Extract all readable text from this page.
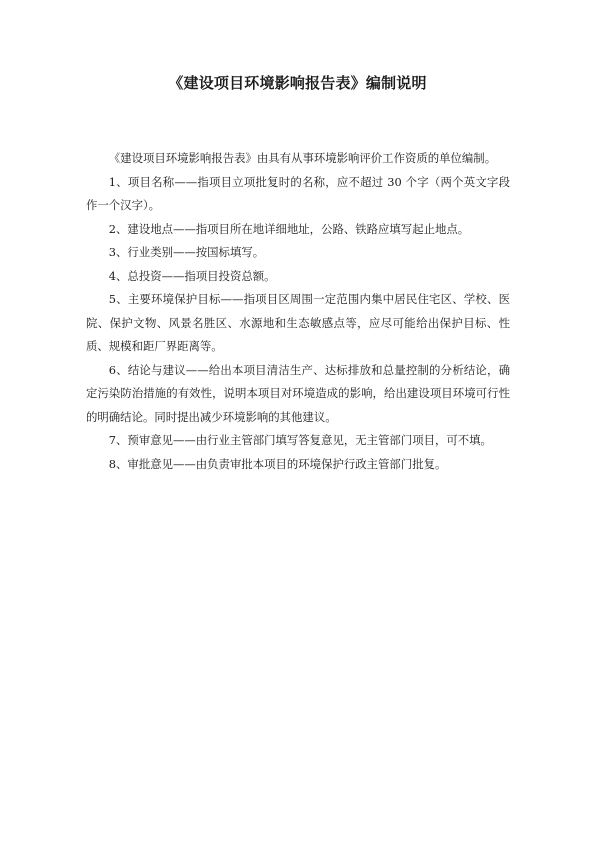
《建设项目环境影响报告表》编制说明

《建设项目环境影响报告表》由具有从事环境影响评价工作资质的单位编制。

1、项目名称——指项目立项批复时的名称，应不超过 30 个字（两个英文字段作一个汉字）。

2、建设地点——指项目所在地详细地址，公路、铁路应填写起止地点。

3、行业类别——按国标填写。

4、总投资——指项目投资总额。

5、主要环境保护目标——指项目区周围一定范围内集中居民住宅区、学校、医院、保护文物、风景名胜区、水源地和生态敏感点等，应尽可能给出保护目标、性质、规模和距厂界距离等。

6、结论与建议——给出本项目清洁生产、达标排放和总量控制的分析结论，确定污染防治措施的有效性，说明本项目对环境造成的影响，给出建设项目环境可行性的明确结论。同时提出减少环境影响的其他建议。

7、预审意见——由行业主管部门填写答复意见，无主管部门项目，可不填。

8、审批意见——由负责审批本项目的环境保护行政主管部门批复。
